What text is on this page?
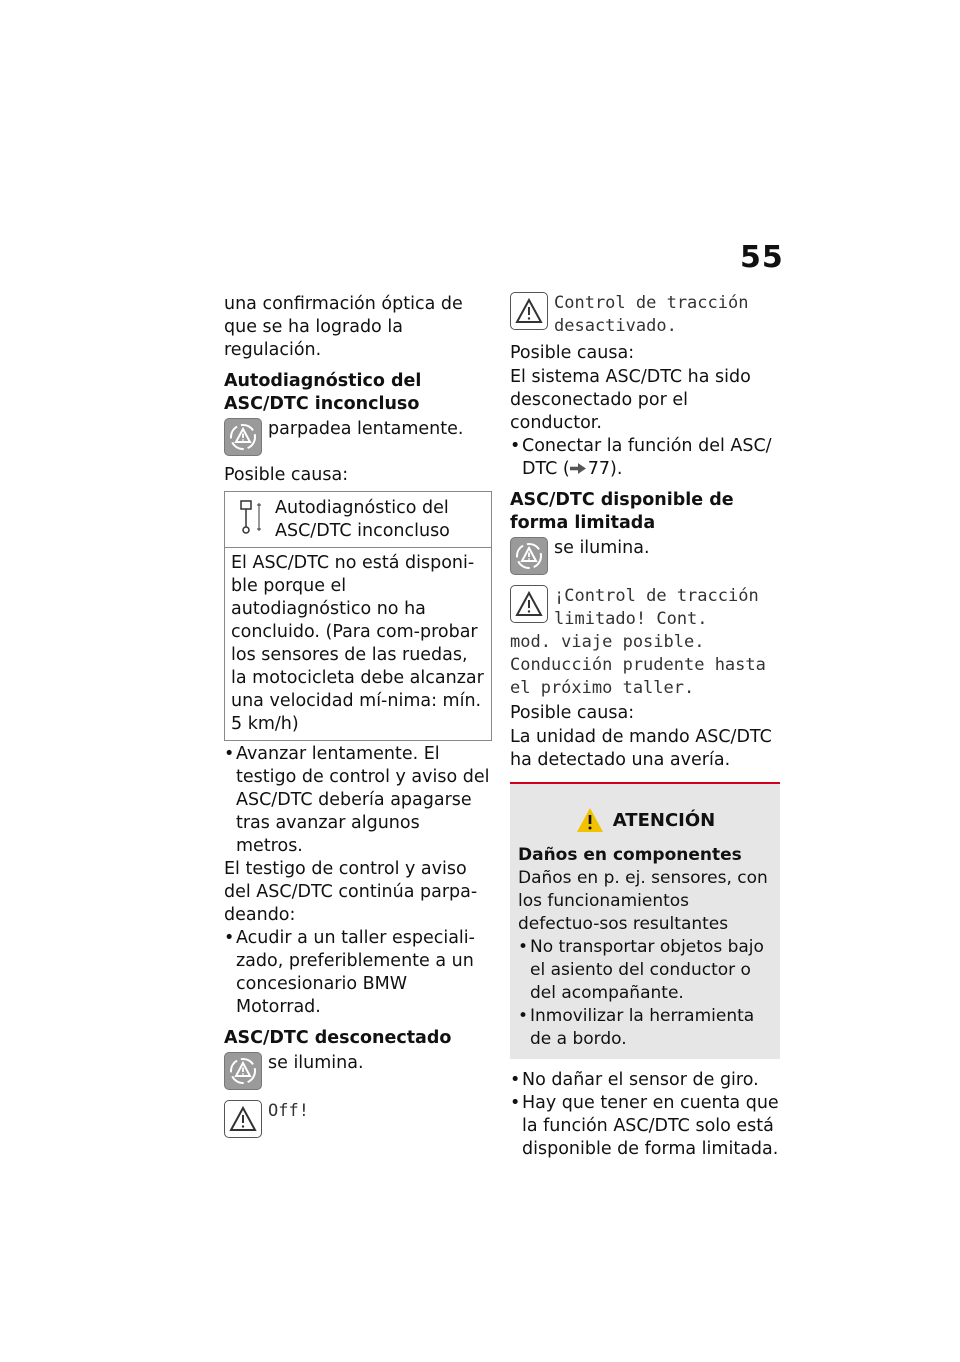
55

una confirmación óptica de que se ha logrado la regulación.

Autodiagnóstico del ASC/DTC inconcluso

parpadea lentamente.

Posible causa:

Autodiagnóstico del ASC/DTC inconcluso

El ASC/DTC no está disponi-ble porque el autodiagnóstico no ha concluido. (Para com-probar los sensores de las ruedas, la motocicleta debe alcanzar una velocidad mí-nima: mín. 5 km/h)

• Avanzar lentamente. El testigo de control y aviso del ASC/DTC debería apagarse tras avanzar algunos metros.

El testigo de control y aviso del ASC/DTC continúa parpa-deando:

• Acudir a un taller especiali-zado, preferiblemente a un concesionario BMW Motorrad.
ASC/DTC desconectado

se ilumina.

Off!
Control de tracción desactivado.

Posible causa:

El sistema ASC/DTC ha sido desconectado por el conductor.

• Conectar la función del ASC/ DTC ( 77).
ASC/DTC disponible de forma limitada

se ilumina.

¡Control de tracción
limitado! Cont.
mod. viaje posible. Conducción prudente hasta el próximo taller.

Posible causa:

La unidad de mando ASC/DTC ha detectado una avería.

ATENCIÓN

Daños en componentes

Daños en p. ej. sensores, con los funcionamientos defectuo-sos resultantes

• No transportar objetos bajo el asiento del conductor o del acompañante.
• Inmovilizar la herramienta de a bordo.
• No dañar el sensor de giro.
• Hay que tener en cuenta que la función ASC/DTC solo está disponible de forma limitada.
